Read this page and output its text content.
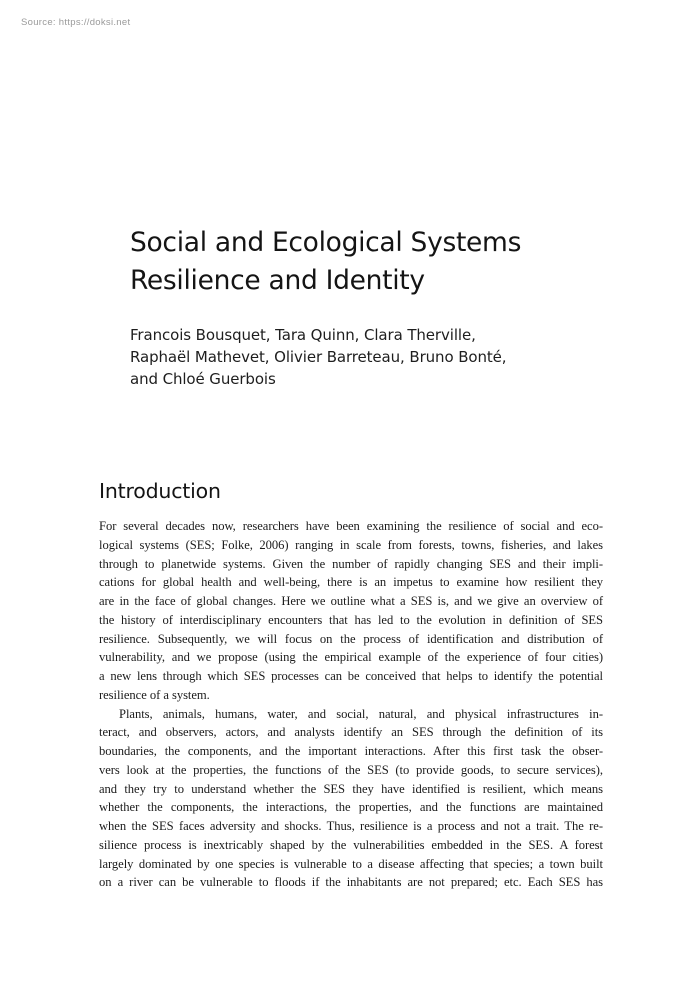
Source: https://doksi.net
Social and Ecological Systems
Resilience and Identity
Francois Bousquet, Tara Quinn, Clara Therville,
Raphaël Mathevet, Olivier Barreteau, Bruno Bonté,
and Chloé Guerbois
Introduction
For several decades now, researchers have been examining the resilience of social and eco-
logical systems (SES; Folke, 2006) ranging in scale from forests, towns, fisheries, and lakes
through to planetwide systems. Given the number of rapidly changing SES and their impli-
cations for global health and well-being, there is an impetus to examine how resilient they
are in the face of global changes. Here we outline what a SES is, and we give an overview of
the history of interdisciplinary encounters that has led to the evolution in definition of SES
resilience. Subsequently, we will focus on the process of identification and distribution of
vulnerability, and we propose (using the empirical example of the experience of four cities)
a new lens through which SES processes can be conceived that helps to identify the potential
resilience of a system.
Plants, animals, humans, water, and social, natural, and physical infrastructures in-
teract, and observers, actors, and analysts identify an SES through the definition of its
boundaries, the components, and the important interactions. After this first task the obser-
vers look at the properties, the functions of the SES (to provide goods, to secure services),
and they try to understand whether the SES they have identified is resilient, which means
whether the components, the interactions, the properties, and the functions are maintained
when the SES faces adversity and shocks. Thus, resilience is a process and not a trait. The re-
silience process is inextricably shaped by the vulnerabilities embedded in the SES. A forest
largely dominated by one species is vulnerable to a disease affecting that species; a town built
on a river can be vulnerable to floods if the inhabitants are not prepared; etc. Each SES has
